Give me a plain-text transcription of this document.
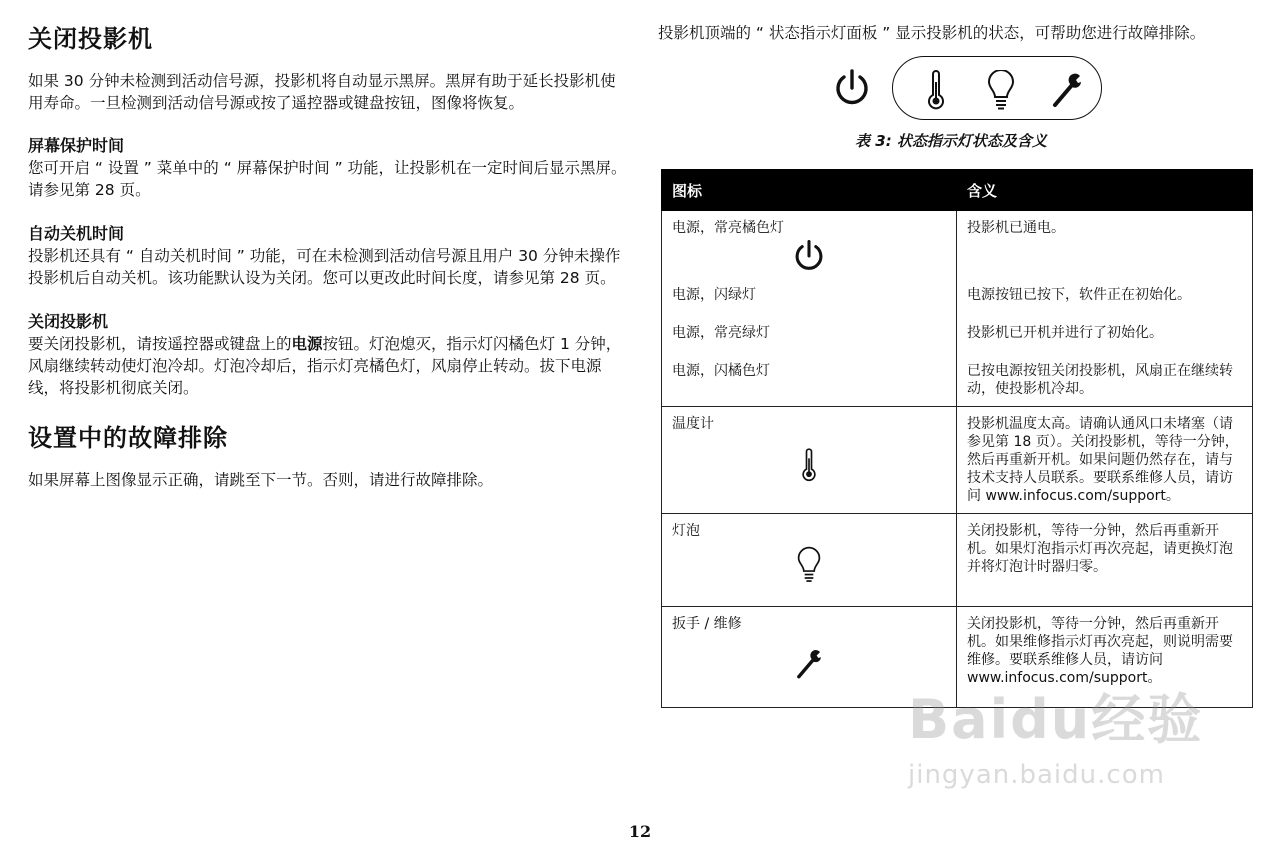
关闭投影机

如果 30 分钟未检测到活动信号源，投影机将自动显示黑屏。黑屏有助于延长投影机使用寿命。一旦检测到活动信号源或按了遥控器或键盘按钮，图像将恢复。

屏幕保护时间

您可开启 “ 设置 ” 菜单中的 “ 屏幕保护时间 ” 功能，让投影机在一定时间后显示黑屏。请参见第 28 页。

自动关机时间

投影机还具有 “ 自动关机时间 ” 功能，可在未检测到活动信号源且用户 30 分钟未操作投影机后自动关机。该功能默认设为关闭。您可以更改此时间长度，请参见第 28 页。

关闭投影机

要关闭投影机，请按遥控器或键盘上的电源按钮。灯泡熄灭，指示灯闪橘色灯 1 分钟，风扇继续转动使灯泡冷却。灯泡冷却后，指示灯亮橘色灯，风扇停止转动。拔下电源线，将投影机彻底关闭。

设置中的故障排除

如果屏幕上图像显示正确，请跳至下一节。否则，请进行故障排除。

投影机顶端的 “ 状态指示灯面板 ” 显示投影机的状态，可帮助您进行故障排除。

表 3: 状态指示灯状态及含义
图标	含义

电源，常亮橘色灯	投影机已通电。
电源，闪绿灯	电源按钮已按下，软件正在初始化。
电源，常亮绿灯	投影机已开机并进行了初始化。
电源，闪橘色灯	已按电源按钮关闭投影机，风扇正在继续转动，使投影机冷却。

温度计	投影机温度太高。请确认通风口未堵塞（请参见第 18 页）。关闭投影机，等待一分钟，然后再重新开机。如果问题仍然存在，请与技术支持人员联系。要联系维修人员，请访问 www.infocus.com/support。

灯泡	关闭投影机，等待一分钟，然后再重新开机。如果灯泡指示灯再次亮起，请更换灯泡并将灯泡计时器归零。

扳手 / 维修	关闭投影机，等待一分钟，然后再重新开机。如果维修指示灯再次亮起，则说明需要维修。要联系维修人员，请访问 www.infocus.com/support。
Baidu经验
jingyan.baidu.com
12
